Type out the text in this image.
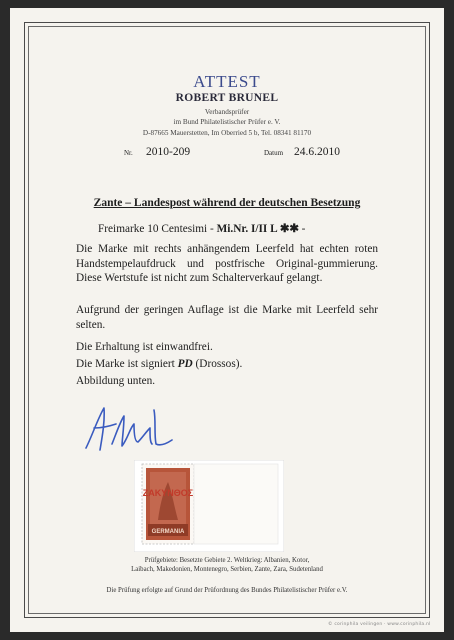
ATTEST
ROBERT BRUNEL
Verbandsprüfer
im Bund Philatelistischer Prüfer e. V.
D-87665 Mauerstetten, Im Oberried 5 b, Tel. 08341 81170
Nr. 2010-209	Datum 24.6.2010
Zante – Landespost während der deutschen Besetzung
Freimarke 10 Centesimi - Mi.Nr. I/II L ✱✱ -
Die Marke mit rechts anhängendem Leerfeld hat echten roten Handstempelaufdruck und postfrische Original-gummierung. Diese Wertstufe ist nicht zum Schalterverkauf gelangt.
Aufgrund der geringen Auflage ist die Marke mit Leerfeld sehr selten.
Die Erhaltung ist einwandfrei.
Die Marke ist signiert PD (Drossos).
Abbildung unten.
GERMANIA
ΖΑΚΥΝΘΟΣ
Prüfgebiete: Besetzte Gebiete 2. Weltkrieg: Albanien, Kotor,
Laibach, Makedonien, Montenegro, Serbien, Zante, Zara, Sudetenland
Die Prüfung erfolgte auf Grund der Prüfordnung des Bundes Philatelistischer Prüfer e.V.
© corinphila veilingen · www.corinphila.nl
